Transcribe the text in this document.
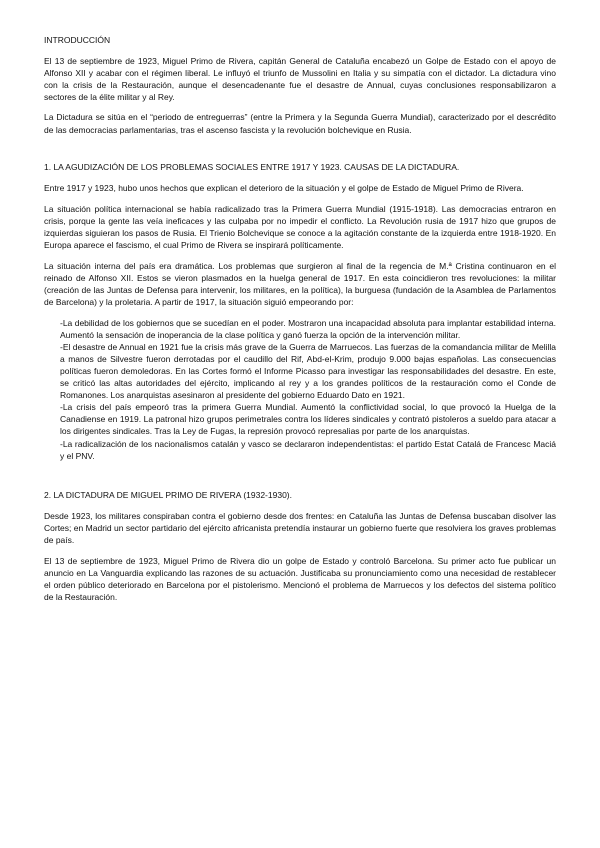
INTRODUCCIÓN

El 13 de septiembre de 1923, Miguel Primo de Rivera, capitán General de Cataluña encabezó un Golpe de Estado con el apoyo de Alfonso XII y acabar con el régimen liberal. Le influyó el triunfo de Mussolini en Italia y su simpatía con el dictador. La dictadura vino con la crisis de la Restauración, aunque el desencadenante fue el desastre de Annual, cuyas conclusiones responsabilizaron a sectores de la élite militar y al Rey.

La Dictadura se sitúa en el “periodo de entreguerras” (entre la Primera y la Segunda Guerra Mundial), caracterizado por el descrédito de las democracias parlamentarias, tras el ascenso fascista y la revolución bolchevique en Rusia.

1. LA AGUDIZACIÓN DE LOS PROBLEMAS SOCIALES ENTRE 1917 Y 1923. CAUSAS DE LA DICTADURA.

Entre 1917 y 1923, hubo unos hechos que explican el deterioro de la situación y el golpe de Estado de Miguel Primo de Rivera.

La situación política internacional se había radicalizado tras la Primera Guerra Mundial (1915-1918). Las democracias entraron en crisis, porque la gente las veía ineficaces y las culpaba por no impedir el conflicto. La Revolución rusia de 1917 hizo que grupos de izquierdas siguieran los pasos de Rusia. El Trienio Bolchevique se conoce a la agitación constante de la izquierda entre 1918-1920. En Europa aparece el fascismo, el cual Primo de Rivera se inspirará políticamente.

La situación interna del país era dramática. Los problemas que surgieron al final de la regencia de M.ª Cristina continuaron en el reinado de Alfonso XII. Estos se vieron plasmados en la huelga general de 1917. En esta coincidieron tres revoluciones: la militar (creación de las Juntas de Defensa para intervenir, los militares, en la política), la burguesa (fundación de la Asamblea de Parlamentos de Barcelona) y la proletaria. A partir de 1917, la situación siguió empeorando por:

-La debilidad de los gobiernos que se sucedían en el poder. Mostraron una incapacidad absoluta para implantar estabilidad interna. Aumentó la sensación de inoperancia de la clase política y ganó fuerza la opción de la intervención militar.
-El desastre de Annual en 1921 fue la crisis más grave de la Guerra de Marruecos. Las fuerzas de la comandancia militar de Melilla a manos de Silvestre fueron derrotadas por el caudillo del Rif, Abd-el-Krim, produjo 9.000 bajas españolas. Las consecuencias políticas fueron demoledoras. En las Cortes formó el Informe Picasso para investigar las responsabilidades del desastre. En este, se criticó las altas autoridades del ejército, implicando al rey y a los grandes políticos de la restauración como el Conde de Romanones. Los anarquistas asesinaron al presidente del gobierno Eduardo Dato en 1921.
-La crisis del país empeoró tras la primera Guerra Mundial. Aumentó la conflictividad social, lo que provocó la Huelga de la Canadiense en 1919. La patronal hizo grupos perimetrales contra los líderes sindicales y contrató pistoleros a sueldo para atacar a los dirigentes sindicales. Tras la Ley de Fugas, la represión provocó represalias por parte de los anarquistas.
-La radicalización de los nacionalismos catalán y vasco se declararon independentistas: el partido Estat Catalá de Francesc Maciá y el PNV.
2. LA DICTADURA DE MIGUEL PRIMO DE RIVERA (1932-1930).

Desde 1923, los militares conspiraban contra el gobierno desde dos frentes: en Cataluña las Juntas de Defensa buscaban disolver las Cortes; en Madrid un sector partidario del ejército africanista pretendía instaurar un gobierno fuerte que resolviera los graves problemas de país.

El 13 de septiembre de 1923, Miguel Primo de Rivera dio un golpe de Estado y controló Barcelona. Su primer acto fue publicar un anuncio en La Vanguardia explicando las razones de su actuación. Justificaba su pronunciamiento como una necesidad de restablecer el orden público deteriorado en Barcelona por el pistolerismo. Mencionó el problema de Marruecos y los defectos del sistema político de la Restauración.
